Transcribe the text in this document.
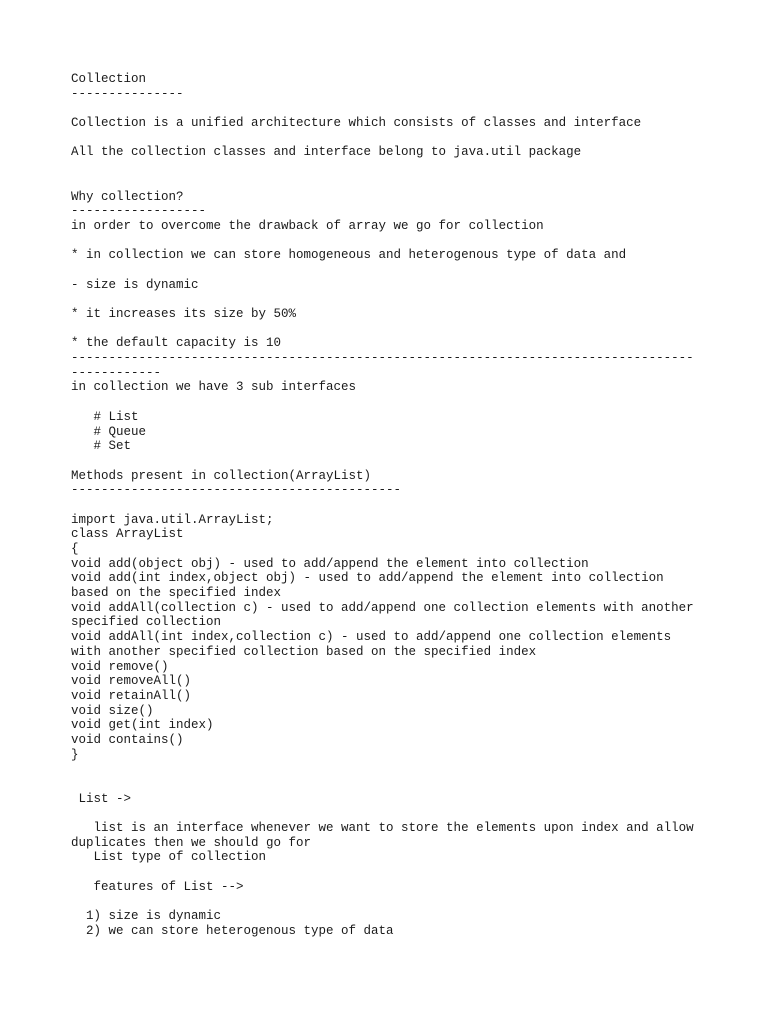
Collection
---------------
Collection is a unified architecture which consists of classes and interface
All the collection classes and interface belong to java.util package
Why collection?
------------------
in order to overcome the drawback of array we go for collection
* in collection we can store homogeneous and heterogenous type of data and
- size is dynamic
* it increases its size by 50%
* the default capacity is 10
-----------------------------------------------------------------------------------
------------
in collection we have 3 sub interfaces
# List
# Queue
# Set
Methods present in collection(ArrayList)
--------------------------------------------
import java.util.ArrayList;
class ArrayList
{
void add(object obj) - used to add/append the element into collection
void add(int index,object obj) - used to add/append the element into collection
based on the specified index
void addAll(collection c) - used to add/append one collection elements with another
specified collection
void addAll(int index,collection c) - used to add/append one collection elements
with another specified collection based on the specified index
void remove()
void removeAll()
void retainAll()
void size()
void get(int index)
void contains()
}
List ->
list is an interface whenever we want to store the elements upon index and allow
duplicates then we should go for
List type of collection
features of List -->
1) size is dynamic
2) we can store heterogenous type of data
